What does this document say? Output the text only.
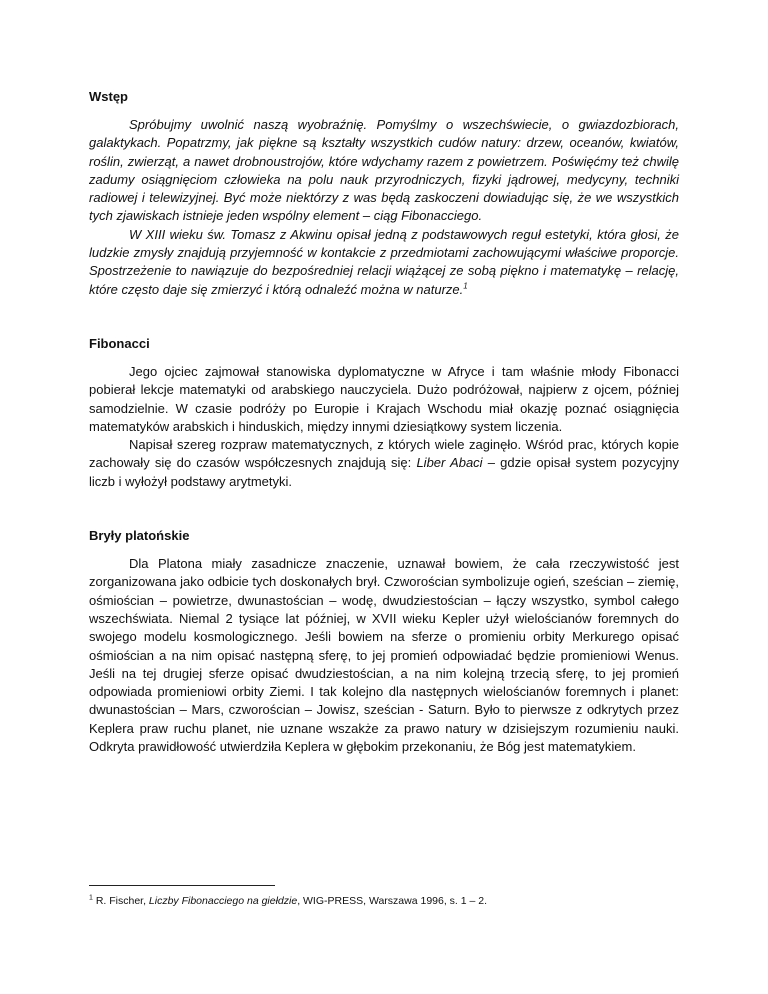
Wstęp

Spróbujmy uwolnić naszą wyobraźnię. Pomyślmy o wszechświecie, o gwiazdozbiorach, galaktykach. Popatrzmy, jak piękne są kształty wszystkich cudów natury: drzew, oceanów, kwiatów, roślin, zwierząt, a nawet drobnoustrojów, które wdychamy razem z powietrzem. Poświęćmy też chwilę zadumy osiągnięciom człowieka na polu nauk przyrodniczych, fizyki jądrowej, medycyny, techniki radiowej i telewizyjnej. Być może niektórzy z was będą zaskoczeni dowiadując się, że we wszystkich tych zjawiskach istnieje jeden wspólny element – ciąg Fibonacciego.

W XIII wieku św. Tomasz z Akwinu opisał jedną z podstawowych reguł estetyki, która głosi, że ludzkie zmysły znajdują przyjemność w kontakcie z przedmiotami zachowującymi właściwe proporcje. Spostrzeżenie to nawiązuje do bezpośredniej relacji wiążącej ze sobą piękno i matematykę – relację, które często daje się zmierzyć i którą odnaleźć można w naturze.$^1$

Fibonacci

Jego ojciec zajmował stanowiska dyplomatyczne w Afryce i tam właśnie młody Fibonacci pobierał lekcje matematyki od arabskiego nauczyciela. Dużo podróżował, najpierw z ojcem, później samodzielnie. W czasie podróży po Europie i Krajach Wschodu miał okazję poznać osiągnięcia matematyków arabskich i hinduskich, między innymi dziesiątkowy system liczenia.

Napisał szereg rozpraw matematycznych, z których wiele zaginęło. Wśród prac, których kopie zachowały się do czasów współczesnych znajdują się: Liber Abaci – gdzie opisał system pozycyjny liczb i wyłożył podstawy arytmetyki.

Bryły platońskie

Dla Platona miały zasadnicze znaczenie, uznawał bowiem, że cała rzeczywistość jest zorganizowana jako odbicie tych doskonałych brył. Czworościan symbolizuje ogień, sześcian – ziemię, ośmiościan – powietrze, dwunastościan – wodę, dwudziestościan – łączy wszystko, symbol całego wszechświata. Niemal 2 tysiące lat później, w XVII wieku Kepler użył wielościanów foremnych do swojego modelu kosmologicznego. Jeśli bowiem na sferze o promieniu orbity Merkurego opisać ośmiościan a na nim opisać następną sferę, to jej promień odpowiadać będzie promieniowi Wenus. Jeśli na tej drugiej sferze opisać dwudziestościan, a na nim kolejną trzecią sferę, to jej promień odpowiada promieniowi orbity Ziemi. I tak kolejno dla następnych wielościanów foremnych i planet: dwunastościan – Mars, czworościan – Jowisz, sześcian - Saturn. Było to pierwsze z odkrytych przez Keplera praw ruchu planet, nie uznane wszakże za prawo natury w dzisiejszym rozumieniu nauki. Odkryta prawidłowość utwierdziła Keplera w głębokim przekonaniu, że Bóg jest matematykiem.

$^1$ R. Fischer, Liczby Fibonacciego na giełdzie, WIG-PRESS, Warszawa 1996, s. 1 – 2.
